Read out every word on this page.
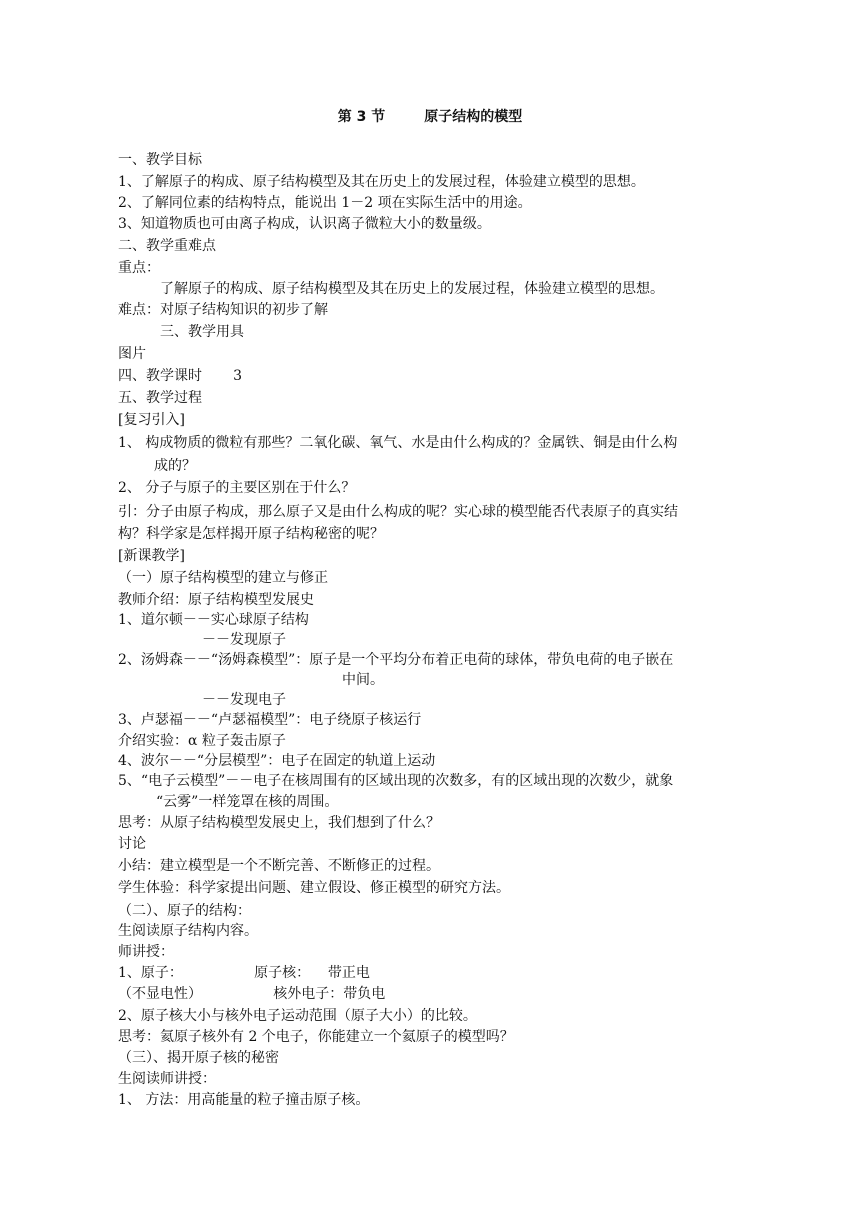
第 3 节        原子结构的模型
一、教学目标
1、了解原子的构成、原子结构模型及其在历史上的发展过程，体验建立模型的思想。
2、了解同位素的结构特点，能说出 1－2 项在实际生活中的用途。
3、知道物质也可由离子构成，认识离子微粒大小的数量级。
二、教学重难点
重点：
了解原子的构成、原子结构模型及其在历史上的发展过程，体验建立模型的思想。
难点：对原子结构知识的初步了解
三、教学用具
图片
四、教学课时       3
五、教学过程
[复习引入]
1、 构成物质的微粒有那些？二氧化碳、氧气、水是由什么构成的？金属铁、铜是由什么构
成的？
2、 分子与原子的主要区别在于什么？
引：分子由原子构成，那么原子又是由什么构成的呢？实心球的模型能否代表原子的真实结
构？科学家是怎样揭开原子结构秘密的呢？
[新课教学]
（一）原子结构模型的建立与修正
教师介绍：原子结构模型发展史
1、道尔顿－－实心球原子结构
－－发现原子
2、汤姆森－－“汤姆森模型”：原子是一个平均分布着正电荷的球体，带负电荷的电子嵌在
中间。
－－发现电子
3、卢瑟福－－“卢瑟福模型”：电子绕原子核运行
介绍实验：α 粒子轰击原子
4、波尔－－“分层模型”：电子在固定的轨道上运动
5、“电子云模型”－－电子在核周围有的区域出现的次数多，有的区域出现的次数少，就象
“云雾”一样笼罩在核的周围。
思考：从原子结构模型发展史上，我们想到了什么？
讨论
小结：建立模型是一个不断完善、不断修正的过程。
学生体验：科学家提出问题、建立假设、修正模型的研究方法。
（二）、原子的结构：
生阅读原子结构内容。
师讲授：
1、原子：                原子核：    带正电
（不显电性）                核外电子：带负电
2、原子核大小与核外电子运动范围（原子大小）的比较。
思考：氦原子核外有 2 个电子，你能建立一个氦原子的模型吗？
（三）、揭开原子核的秘密
生阅读师讲授：
1、 方法：用高能量的粒子撞击原子核。
